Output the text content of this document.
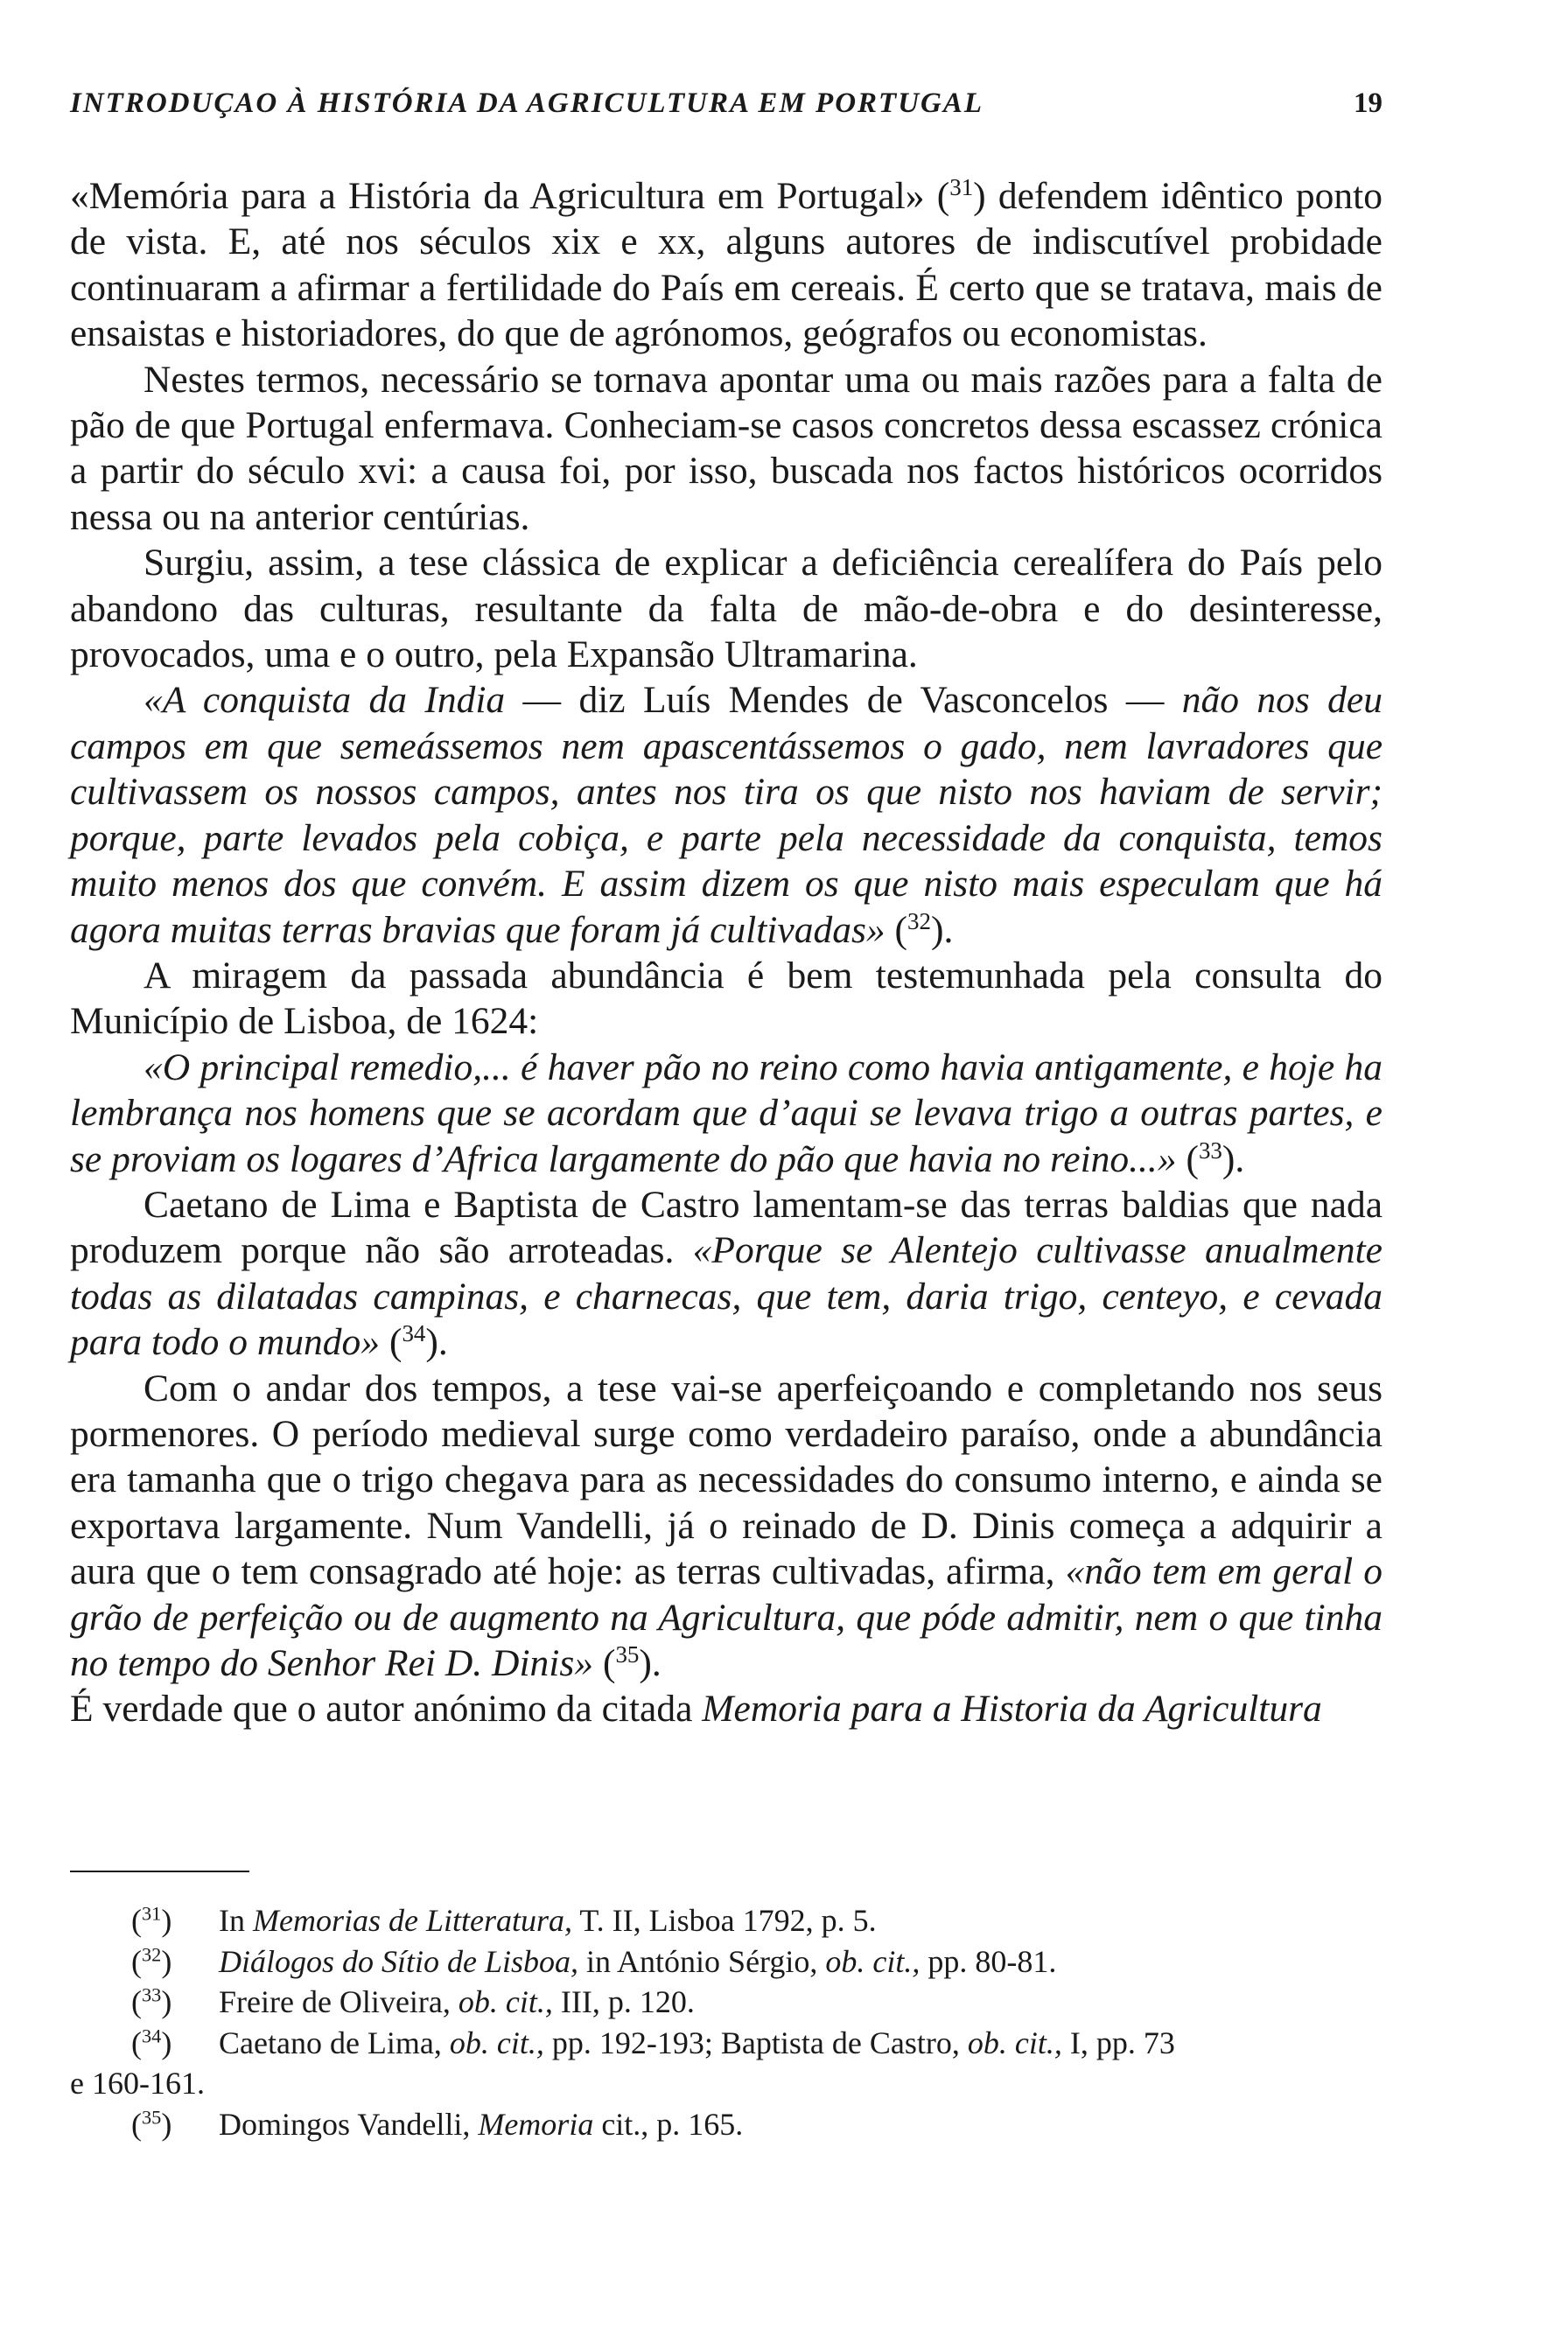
INTRODUÇAO À HISTÓRIA DA AGRICULTURA EM PORTUGAL	19

«Memória para a História da Agricultura em Portugal» ($^{31}$) defendem idêntico ponto de vista. E, até nos séculos xix e xx, alguns autores de indiscutível probidade continuaram a afirmar a fertilidade do País em cereais. É certo que se tratava, mais de ensaistas e historiadores, do que de agrónomos, geógrafos ou economistas.

Nestes termos, necessário se tornava apontar uma ou mais razões para a falta de pão de que Portugal enfermava. Conheciam-se casos concretos dessa escassez crónica a partir do século xvi: a causa foi, por isso, buscada nos factos históricos ocorridos nessa ou na anterior centúrias.

Surgiu, assim, a tese clássica de explicar a deficiência cerealífera do País pelo abandono das culturas, resultante da falta de mão-de-obra e do desinteresse, provocados, uma e o outro, pela Expansão Ultramarina.

«A conquista da India — diz Luís Mendes de Vasconcelos — não nos deu campos em que semeássemos nem apascentássemos o gado, nem lavradores que cultivassem os nossos campos, antes nos tira os que nisto nos haviam de servir; porque, parte levados pela cobiça, e parte pela necessidade da conquista, temos muito menos dos que convém. E assim dizem os que nisto mais especulam que há agora muitas terras bravias que foram já cultivadas» ($^{32}$).

A miragem da passada abundância é bem testemunhada pela consulta do Município de Lisboa, de 1624:

«O principal remedio,... é haver pão no reino como havia antigamente, e hoje ha lembrança nos homens que se acordam que d’aqui se levava trigo a outras partes, e se proviam os logares d’Africa largamente do pão que havia no reino...» ($^{33}$).

Caetano de Lima e Baptista de Castro lamentam-se das terras baldias que nada produzem porque não são arroteadas. «Porque se Alentejo cultivasse anualmente todas as dilatadas campinas, e charnecas, que tem, daria trigo, centeyo, e cevada para todo o mundo» ($^{34}$).

Com o andar dos tempos, a tese vai-se aperfeiçoando e completando nos seus pormenores. O período medieval surge como verdadeiro paraíso, onde a abundância era tamanha que o trigo chegava para as necessidades do consumo interno, e ainda se exportava largamente. Num Vandelli, já o reinado de D. Dinis começa a adquirir a aura que o tem consagrado até hoje: as terras cultivadas, afirma, «não tem em geral o grão de perfeição ou de augmento na Agricultura, que póde admitir, nem o que tinha no tempo do Senhor Rei D. Dinis» ($^{35}$).

É verdade que o autor anónimo da citada Memoria para a Historia da Agricultura

($^{31}$)	In Memorias de Litteratura, T. II, Lisboa 1792, p. 5.
($^{32}$)	Diálogos do Sítio de Lisboa, in António Sérgio, ob. cit., pp. 80-81.
($^{33}$)	Freire de Oliveira, ob. cit., III, p. 120.
($^{34}$)	Caetano de Lima, ob. cit., pp. 192-193; Baptista de Castro, ob. cit., I, pp. 73
e 160-161.
($^{35}$)	Domingos Vandelli, Memoria cit., p. 165.
